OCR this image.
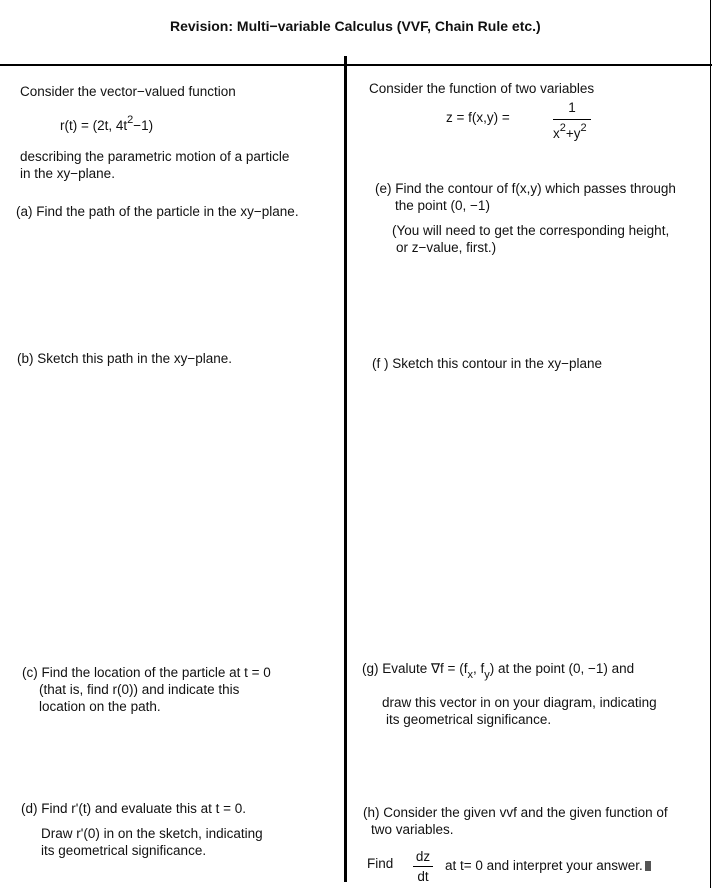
Revision: Multi−variable Calculus (VVF, Chain Rule etc.)
Consider the vector−valued function
r(t) = (2t, $4t^2-1$)
describing the parametric motion of a particle
in the xy−plane.
(a) Find the path of the particle in the xy−plane.
(b) Sketch this path in the xy−plane.
(c) Find the location of the particle at t = 0
(that is, find r(0)) and indicate this
location on the path.
(d) Find r'(t) and evaluate this at t = 0.
Draw r'(0) in on the sketch, indicating
its geometrical significance.
Consider the function of two variables
z = f(x,y) =
1
$x^2+y^2$
(e) Find the contour of f(x,y) which passes through
the point (0, −1)
(You will need to get the corresponding height,
or z−value, first.)
(f ) Sketch this contour in the xy−plane
(g) Evalute $\nabla f = (f_x$, $f_y$) at the point (0, −1) and
draw this vector in on your diagram, indicating
its geometrical significance.
(h) Consider the given vvf and the given function of
two variables.
Find	dz
dt
at t= 0 and interpret your answer.
